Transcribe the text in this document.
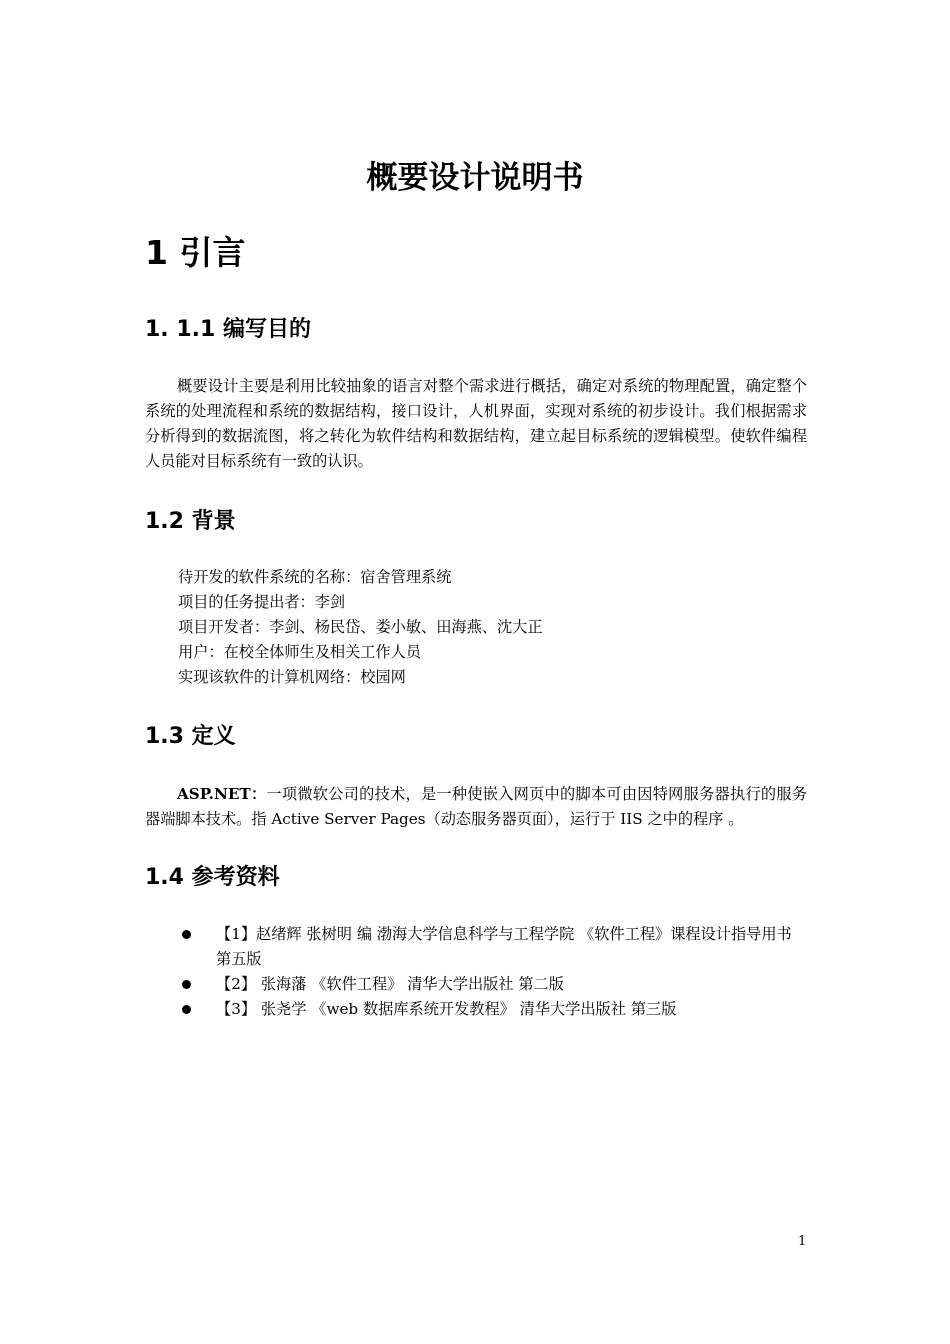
概要设计说明书
1 引言
1. 1.1 编写目的
概要设计主要是利用比较抽象的语言对整个需求进行概括，确定对系统的物理配置，确定整个系统的处理流程和系统的数据结构，接口设计，人机界面，实现对系统的初步设计。我们根据需求分析得到的数据流图，将之转化为软件结构和数据结构，建立起目标系统的逻辑模型。使软件编程人员能对目标系统有一致的认识。
1.2 背景
待开发的软件系统的名称：宿舍管理系统
项目的任务提出者：李剑
项目开发者：李剑、杨民岱、娄小敏、田海燕、沈大正
用户：在校全体师生及相关工作人员
实现该软件的计算机网络：校园网
1.3 定义
ASP.NET：一项微软公司的技术，是一种使嵌入网页中的脚本可由因特网服务器执行的服务器端脚本技术。指 Active Server Pages（动态服务器页面），运行于 IIS 之中的程序 。
1.4 参考资料
【1】赵绪辉 张树明 编 渤海大学信息科学与工程学院 《软件工程》课程设计指导用书 第五版
【2】 张海藩 《软件工程》 清华大学出版社 第二版
【3】 张尧学 《web 数据库系统开发教程》 清华大学出版社 第三版
1
